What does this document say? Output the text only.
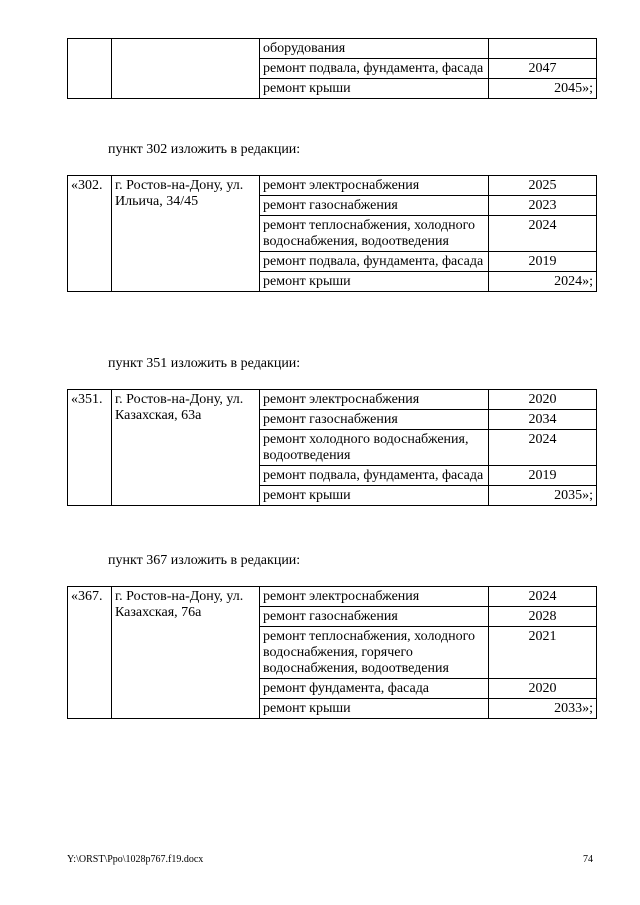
		оборудования	
		ремонт подвала, фундамента, фасада	2047
		ремонт крыши	2045»;
пункт 302 изложить в редакции:
«302.	г. Ростов-на-Дону, ул. Ильича, 34/45	ремонт электроснабжения	2025
		ремонт газоснабжения	2023
		ремонт теплоснабжения, холодного водоснабжения, водоотведения	2024
		ремонт подвала, фундамента, фасада	2019
		ремонт крыши	2024»;
пункт 351 изложить в редакции:
«351.	г. Ростов-на-Дону, ул. Казахская, 63а	ремонт электроснабжения	2020
		ремонт газоснабжения	2034
		ремонт холодного водоснабжения, водоотведения	2024
		ремонт подвала, фундамента, фасада	2019
		ремонт крыши	2035»;
пункт 367 изложить в редакции:
«367.	г. Ростов-на-Дону, ул. Казахская, 76а	ремонт электроснабжения	2024
		ремонт газоснабжения	2028
		ремонт теплоснабжения, холодного водоснабжения, горячего водоснабжения, водоотведения	2021
		ремонт фундамента, фасада	2020
		ремонт крыши	2033»;
Y:\ORST\Ppo\1028p767.f19.docx	74
